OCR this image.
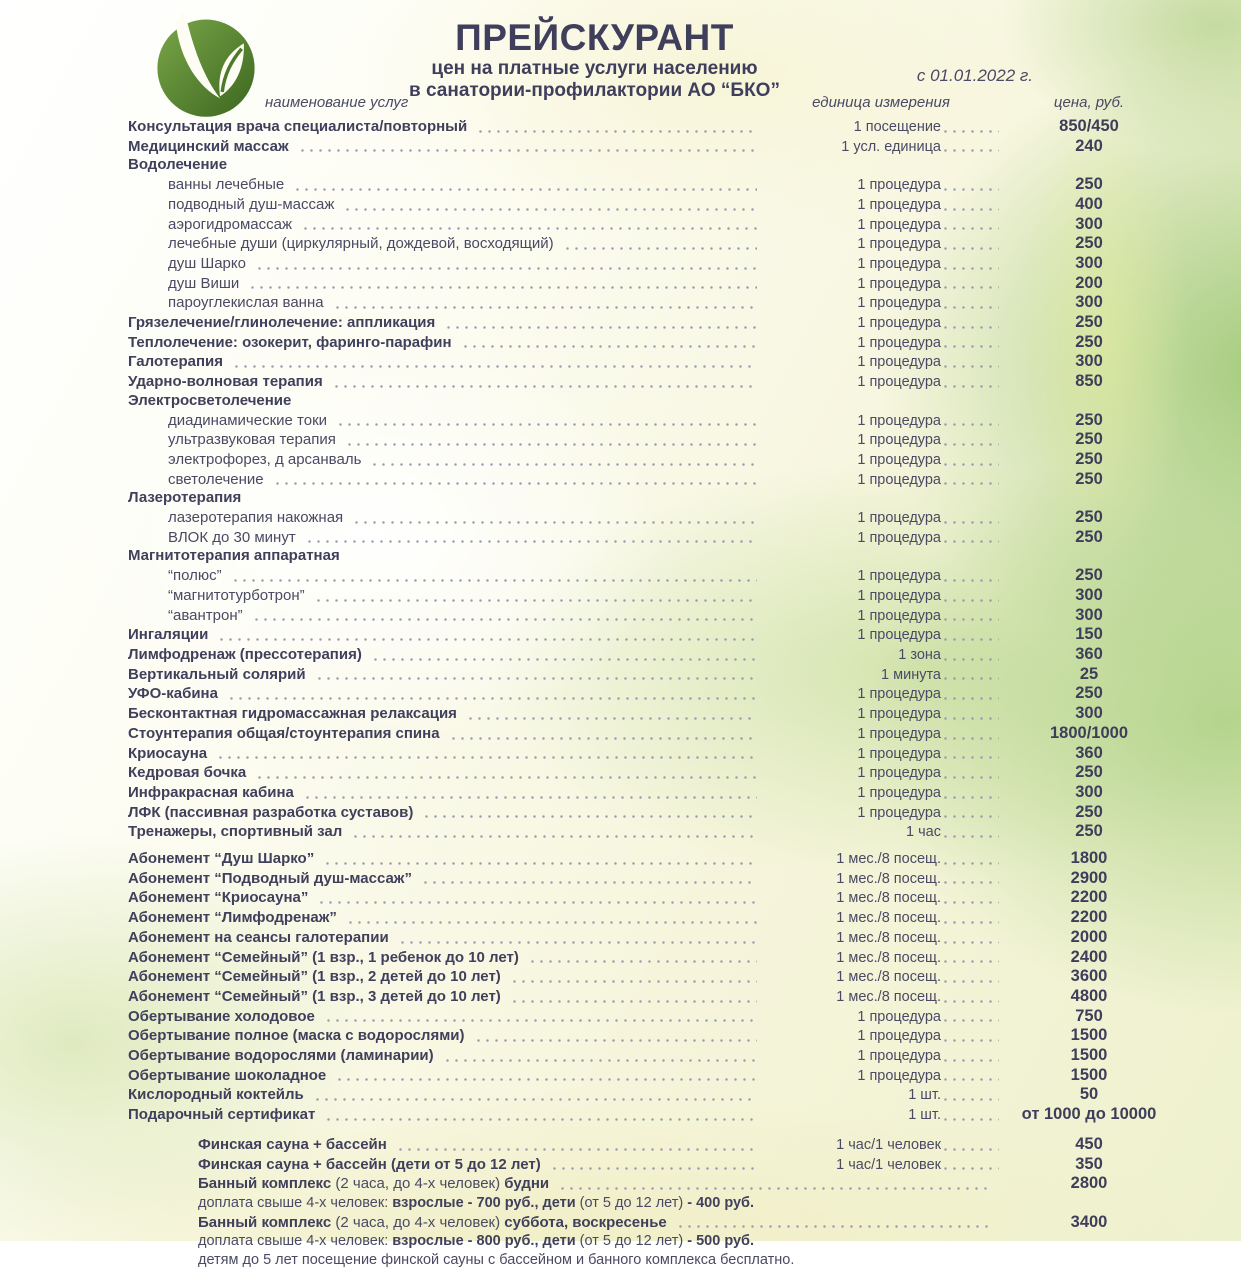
ПРЕЙСКУРАНТ
цен на платные услуги населению
в санатории-профилактории АО “БКО”
с 01.01.2022 г.
наименование услуг	единица измерения	цена, руб.
Консультация врача специалиста/повторный	1 посещение	850/450
Медицинский массаж	1 усл. единица	240
Водолечение
ванны лечебные	1 процедура	250
подводный душ-массаж	1 процедура	400
аэрогидромассаж	1 процедура	300
лечебные души (циркулярный, дождевой, восходящий)	1 процедура	250
душ Шарко	1 процедура	300
душ Виши	1 процедура	200
пароуглекислая ванна	1 процедура	300
Грязелечение/глинолечение: аппликация	1 процедура	250
Теплолечение: озокерит, фаринго-парафин	1 процедура	250
Галотерапия	1 процедура	300
Ударно-волновая терапия	1 процедура	850
Электросветолечение
диадинамические токи	1 процедура	250
ультразвуковая терапия	1 процедура	250
электрофорез, д арсанваль	1 процедура	250
светолечение	1 процедура	250
Лазеротерапия
лазеротерапия накожная	1 процедура	250
ВЛОК до 30 минут	1 процедура	250
Магнитотерапия аппаратная
“полюс”	1 процедура	250
“магнитотурботрон”	1 процедура	300
“авантрон”	1 процедура	300
Ингаляции	1 процедура	150
Лимфодренаж (прессотерапия)	1 зона	360
Вертикальный солярий	1 минута	25
УФО-кабина	1 процедура	250
Бесконтактная гидромассажная релаксация	1 процедура	300
Стоунтерапия общая/стоунтерапия спина	1 процедура	1800/1000
Криосауна	1 процедура	360
Кедровая бочка	1 процедура	250
Инфракрасная кабина	1 процедура	300
ЛФК (пассивная разработка суставов)	1 процедура	250
Тренажеры, спортивный зал	1 час	250
Абонемент “Душ Шарко”	1 мес./8 посещ.	1800
Абонемент “Подводный душ-массаж”	1 мес./8 посещ.	2900
Абонемент “Криосауна”	1 мес./8 посещ.	2200
Абонемент “Лимфодренаж”	1 мес./8 посещ.	2200
Абонемент на сеансы галотерапии	1 мес./8 посещ.	2000
Абонемент “Семейный” (1 взр., 1 ребенок до 10 лет)	1 мес./8 посещ.	2400
Абонемент “Семейный” (1 взр., 2 детей до 10 лет)	1 мес./8 посещ.	3600
Абонемент “Семейный” (1 взр., 3 детей до 10 лет)	1 мес./8 посещ.	4800
Обертывание холодовое	1 процедура	750
Обертывание полное (маска с водорослями)	1 процедура	1500
Обертывание водорослями (ламинарии)	1 процедура	1500
Обертывание шоколадное	1 процедура	1500
Кислородный коктейль	1 шт.	50
Подарочный сертификат	1 шт.	от 1000 до 10000
Финская сауна + бассейн	1 час/1 человек	450
Финская сауна + бассейн (дети от 5 до 12 лет)	1 час/1 человек	350
Банный комплекс (2 часа, до 4-х человек) будни	2800
доплата свыше 4-х человек: взрослые - 700 руб., дети (от 5 до 12 лет) - 400 руб.
Банный комплекс (2 часа, до 4-х человек) суббота, воскресенье	3400
доплата свыше 4-х человек: взрослые - 800 руб., дети (от 5 до 12 лет) - 500 руб.
детям до 5 лет посещение финской сауны с бассейном и банного комплекса бесплатно.
